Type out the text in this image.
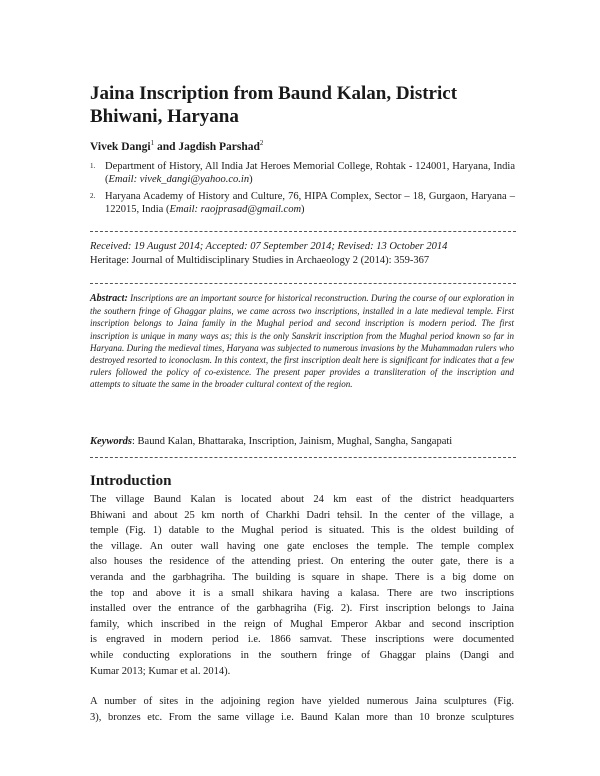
Jaina Inscription from Baund Kalan, District Bhiwani, Haryana
Vivek Dangi$^1$ and Jagdish Parshad$^2$
1. Department of History, All India Jat Heroes Memorial College, Rohtak - 124001, Haryana, India (Email: vivek_dangi@yahoo.co.in)
2. Haryana Academy of History and Culture, 76, HIPA Complex, Sector – 18, Gurgaon, Haryana – 122015, India (Email: raojprasad@gmail.com)
Received: 19 August 2014; Accepted: 07 September 2014; Revised: 13 October 2014
Heritage: Journal of Multidisciplinary Studies in Archaeology 2 (2014): 359-367
Abstract: Inscriptions are an important source for historical reconstruction. During the course of our exploration in the southern fringe of Ghaggar plains, we came across two inscriptions, installed in a late medieval temple. First inscription belongs to Jaina family in the Mughal period and second inscription is modern period. The first inscription is unique in many ways as; this is the only Sanskrit inscription from the Mughal period known so far in Haryana. During the medieval times, Haryana was subjected to numerous invasions by the Muhammadan rulers who destroyed resorted to iconoclasm. In this context, the first inscription dealt here is significant for indicates that a few rulers followed the policy of co-existence. The present paper provides a transliteration of the inscription and attempts to situate the same in the broader cultural context of the region.
Keywords: Baund Kalan, Bhattaraka, Inscription, Jainism, Mughal, Sangha, Sangapati
Introduction
The village Baund Kalan is located about 24 km east of the district headquarters
Bhiwani and about 25 km north of Charkhi Dadri tehsil. In the center of the village, a
temple (Fig. 1) datable to the Mughal period is situated. This is the oldest building of
the village. An outer wall having one gate encloses the temple. The temple complex
also houses the residence of the attending priest. On entering the outer gate, there is a
veranda and the garbhagriha. The building is square in shape. There is a big dome on
the top and above it is a small shikara having a kalasa. There are two inscriptions
installed over the entrance of the garbhagriha (Fig. 2). First inscription belongs to Jaina
family, which inscribed in the reign of Mughal Emperor Akbar and second inscription
is engraved in modern period i.e. 1866 samvat. These inscriptions were documented
while conducting explorations in the southern fringe of Ghaggar plains (Dangi and
Kumar 2013; Kumar et al. 2014).
A number of sites in the adjoining region have yielded numerous Jaina sculptures (Fig.
3), bronzes etc. From the same village i.e. Baund Kalan more than 10 bronze sculptures
